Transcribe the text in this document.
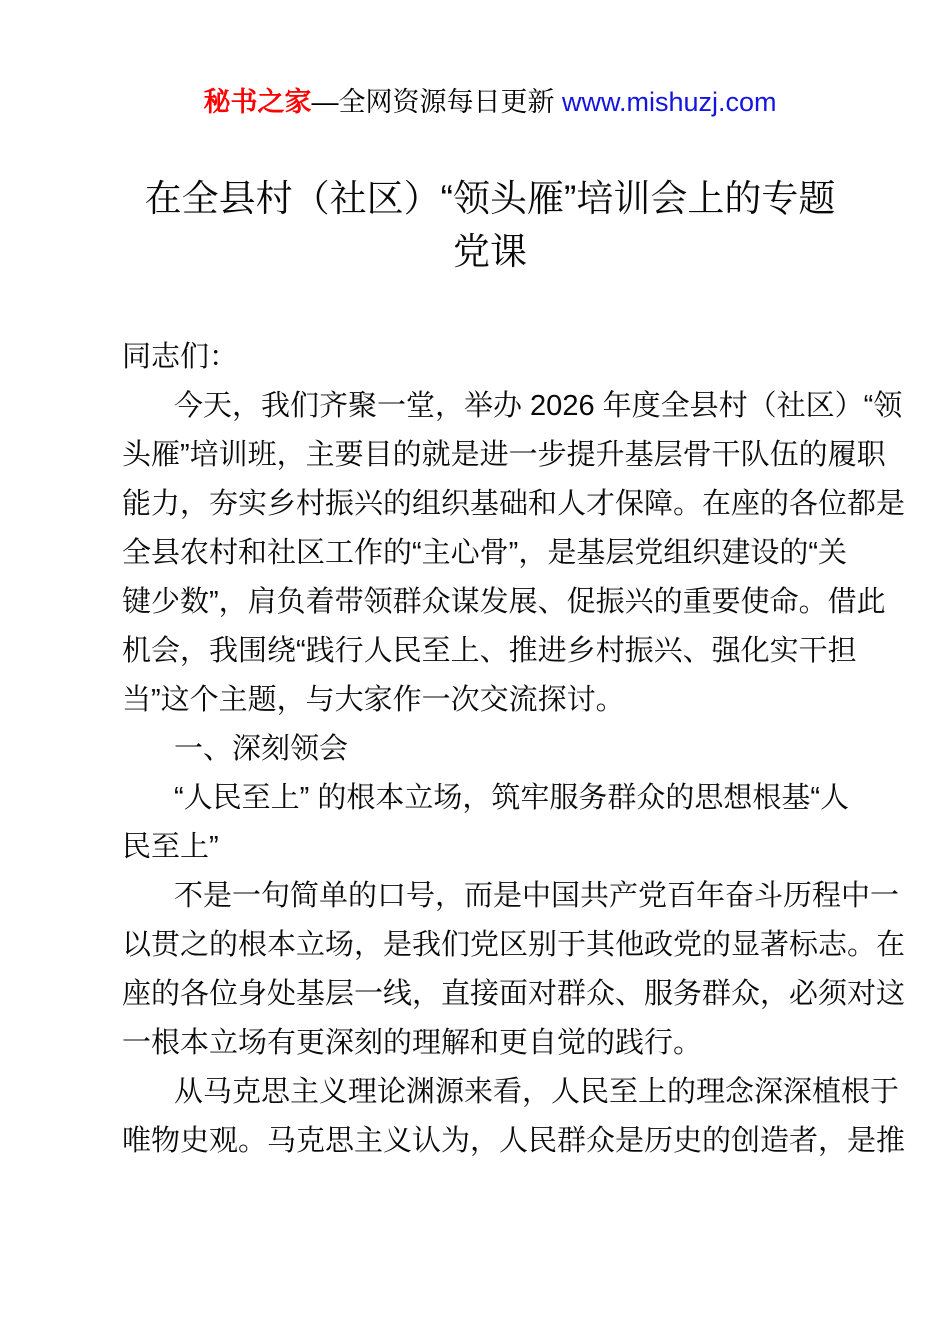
秘书之家—全网资源每日更新 www.mishuzj.com
在全县村（社区）“领头雁”培训会上的专题
党课
同志们：
今天，我们齐聚一堂，举办 2026 年度全县村（社区）“领
头雁”培训班，主要目的就是进一步提升基层骨干队伍的履职
能力，夯实乡村振兴的组织基础和人才保障。在座的各位都是
全县农村和社区工作的“主心骨”，是基层党组织建设的“关
键少数”，肩负着带领群众谋发展、促振兴的重要使命。借此
机会，我围绕“践行人民至上、推进乡村振兴、强化实干担
当”这个主题，与大家作一次交流探讨。
一、深刻领会
“人民至上” 的根本立场，筑牢服务群众的思想根基“人
民至上”
不是一句简单的口号，而是中国共产党百年奋斗历程中一
以贯之的根本立场，是我们党区别于其他政党的显著标志。在
座的各位身处基层一线，直接面对群众、服务群众，必须对这
一根本立场有更深刻的理解和更自觉的践行。
从马克思主义理论渊源来看，人民至上的理念深深植根于
唯物史观。马克思主义认为，人民群众是历史的创造者，是推
